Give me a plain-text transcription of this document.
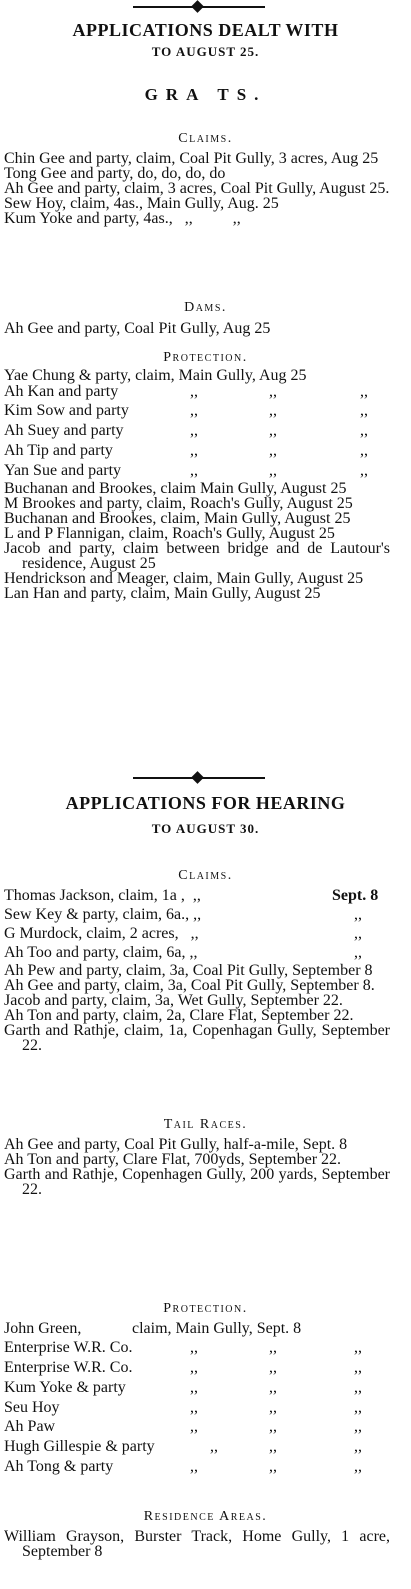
APPLICATIONS DEALT WITH
TO AUGUST 25.
GRA TS.
Claims.
Chin Gee and party, claim, Coal Pit Gully, 3 acres, Aug 25
Tong Gee and party, do, do, do, do
Ah Gee and party, claim, 3 acres, Coal Pit Gully, August 25.
Sew Hoy, claim, 4as., Main Gully, Aug. 25
Kum Yoke and party, 4as.,   ,,          ,,
Dams.
Ah Gee and party, Coal Pit Gully, Aug 25
Protection.
Yae Chung & party, claim, Main Gully, Aug 25
Ah Kan and party	,,	,,	,,
Kim Sow and party	,,	,,	,,
Ah Suey and party	,,	,,	,,
Ah Tip and party	,,	,,	,,
Yan Sue and party	,,	,,	,,
Buchanan and Brookes, claim Main Gully, August 25
M Brookes and party, claim, Roach's Gully, August 25
Buchanan and Brookes, claim, Main Gully, August 25
L and P Flannigan, claim, Roach's Gully, August 25
Jacob and party, claim between bridge and de Lautour's residence, August 25
Hendrickson and Meager, claim, Main Gully, August 25
Lan Han and party, claim, Main Gully, August 25
APPLICATIONS FOR HEARING
TO AUGUST 30.
Claims.
Thomas Jackson, claim, 1a ,  ,,	Sept. 8
Sew Key & party, claim, 6a., ,,	,,
G Murdock, claim, 2 acres,   ,,	,,
Ah Too and party, claim, 6a, ,,	,,
Ah Pew and party, claim, 3a, Coal Pit Gully, September 8
Ah Gee and party, claim, 3a, Coal Pit Gully, September 8.
Jacob and party, claim, 3a, Wet Gully, September 22.
Ah Ton and party, claim, 2a, Clare Flat, September 22.
Garth and Rathje, claim, 1a, Copenhagan Gully, September 22.
Tail Races.
Ah Gee and party, Coal Pit Gully, half-a-mile, Sept. 8
Ah Ton and party, Clare Flat, 700yds, September 22.
Garth and Rathje, Copenhagen Gully, 200 yards, September 22.
Protection.
John Green,	claim, Main Gully, Sept. 8
Enterprise W.R. Co.	,,	,,	,,
Enterprise W.R. Co.	,,	,,	,,
Kum Yoke & party	,,	,,	,,
Seu Hoy	,,	,,	,,
Ah Paw	,,	,,	,,
Hugh Gillespie & party	,,	,,	,,
Ah Tong & party	,,	,,	,,
Residence Areas.
William Grayson, Burster Track, Home Gully, 1 acre, September 8
